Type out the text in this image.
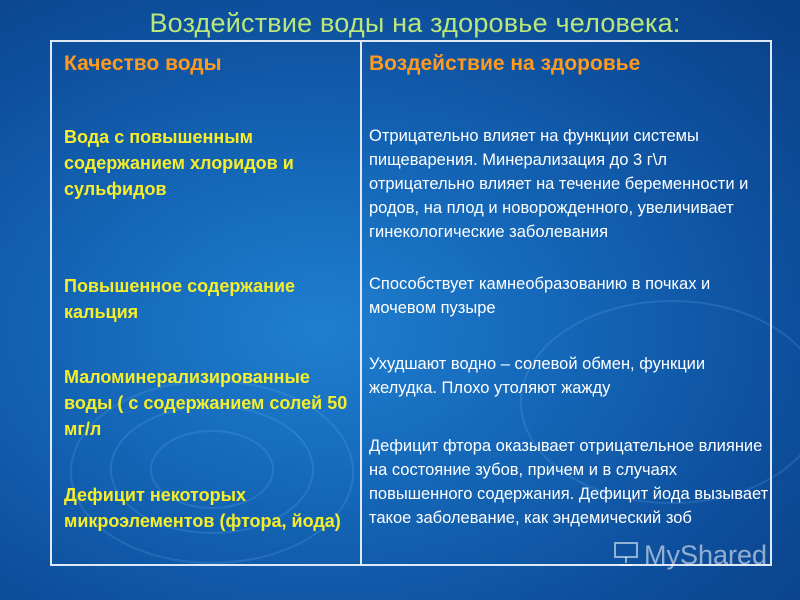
Воздействие воды на здоровье человека:
Качество воды	Воздействие на здоровье
Вода с повышенным содержанием хлоридов и сульфидов
Отрицательно влияет на функции системы пищеварения. Минерализация до 3 г\л отрицательно влияет на течение беременности и родов, на плод и новорожденного, увеличивает гинекологические заболевания
Повышенное содержание кальция
Способствует камнеобразованию в почках и мочевом пузыре
Маломинерализированные воды ( с содержанием солей 50 мг/л
Ухудшают водно – солевой обмен, функции желудка. Плохо утоляют жажду
Дефицит некоторых микроэлементов (фтора, йода)
Дефицит фтора оказывает отрицательное влияние на состояние зубов, причем и в случаях повышенного содержания. Дефицит йода вызывает такое заболевание, как эндемический зоб
MyShared
